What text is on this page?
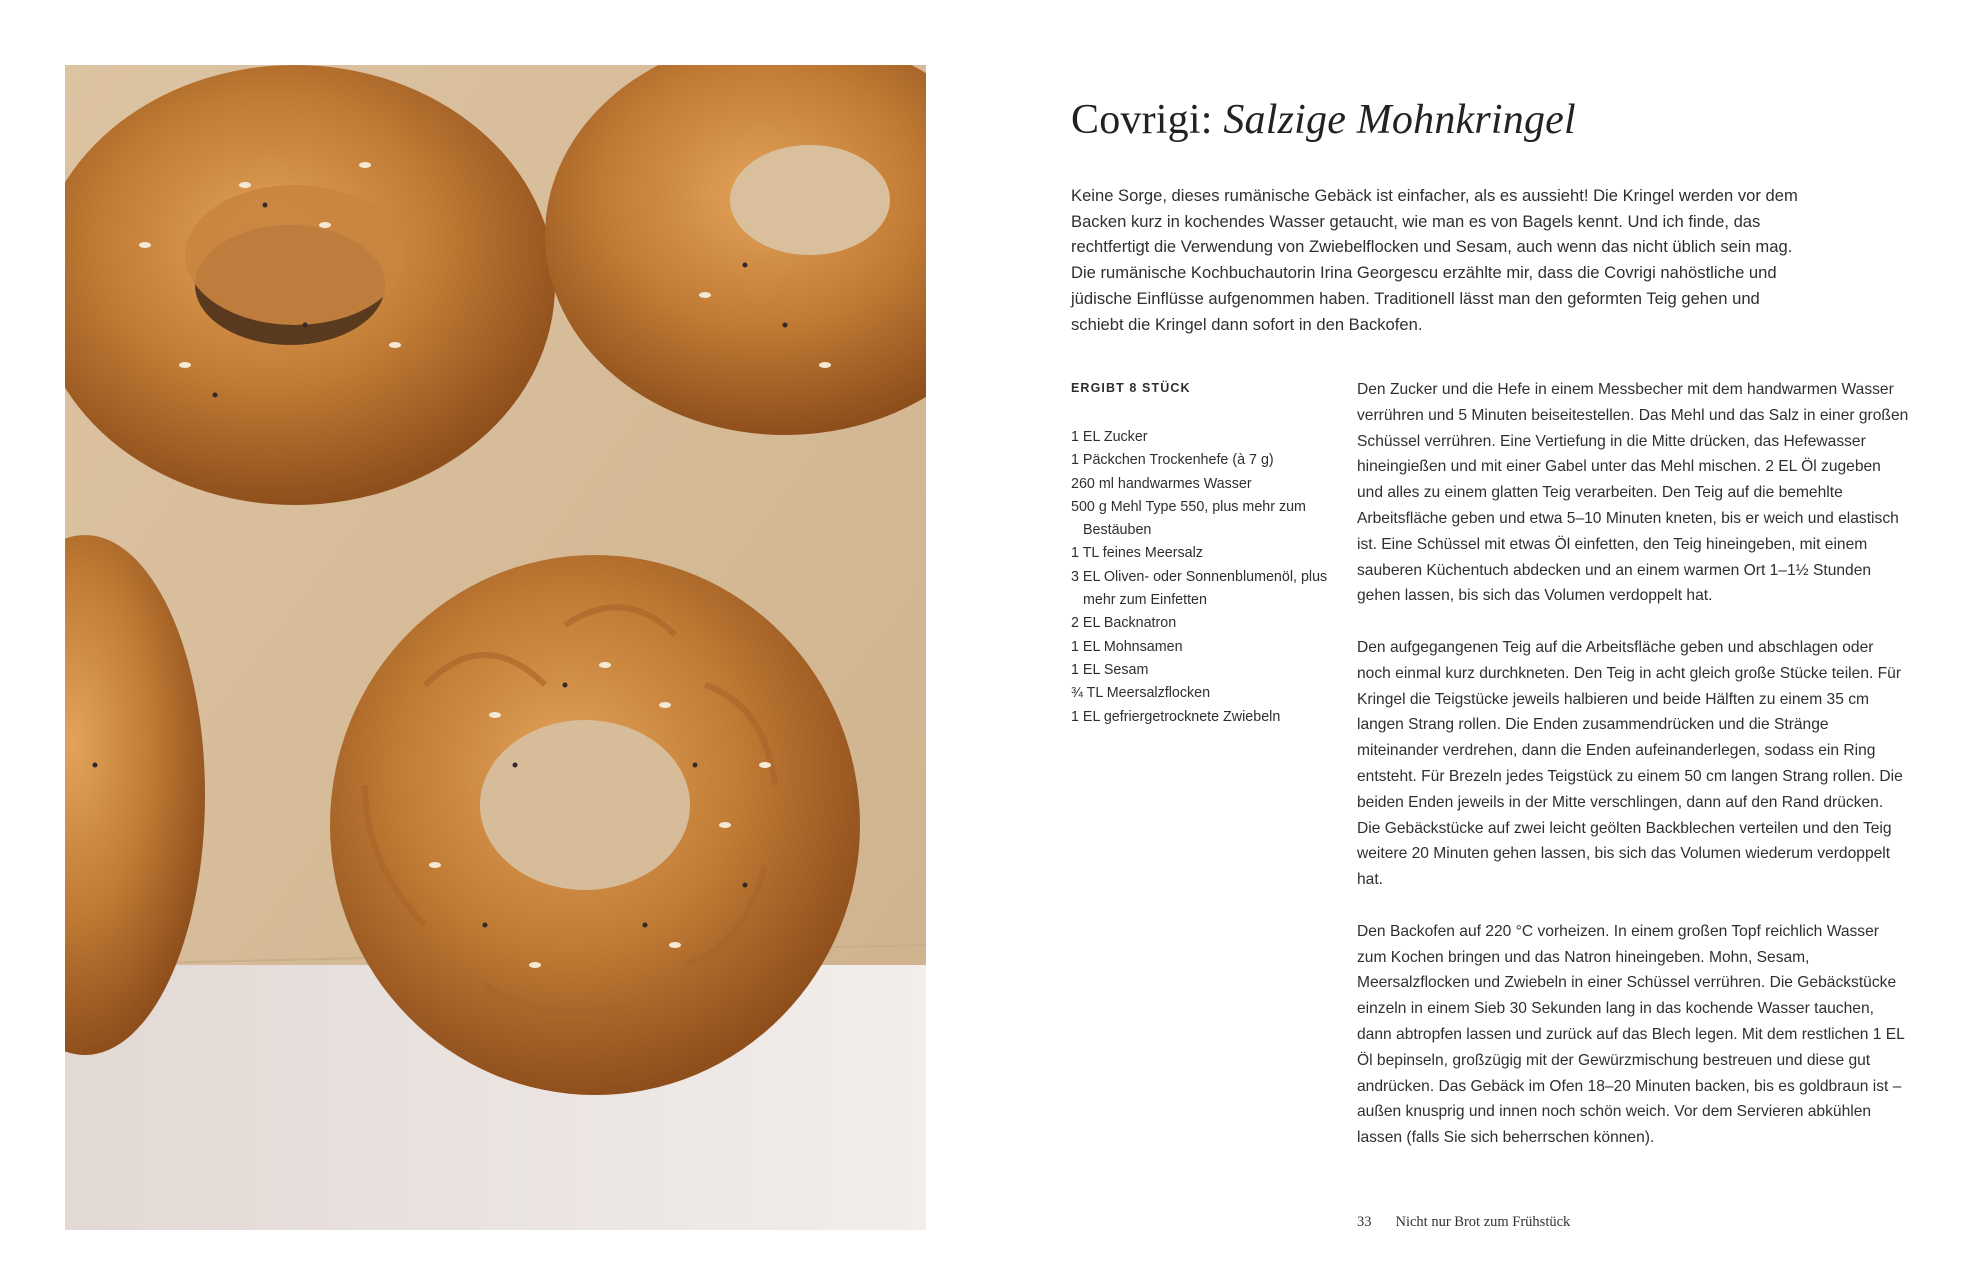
Covrigi: Salzige Mohnkringel

Keine Sorge, dieses rumänische Gebäck ist einfacher, als es aussieht! Die Kringel werden vor dem Backen kurz in kochendes Wasser getaucht, wie man es von Bagels kennt. Und ich finde, das rechtfertigt die Verwendung von Zwiebelflocken und Sesam, auch wenn das nicht üblich sein mag. Die rumänische Kochbuchautorin Irina Georgescu erzählte mir, dass die Covrigi nahöstliche und jüdische Einflüsse aufgenommen haben. Traditionell lässt man den geformten Teig gehen und schiebt die Kringel dann sofort in den Backofen.

ERGIBT 8 STÜCK

1 EL Zucker
1 Päckchen Trockenhefe (à 7 g)
260 ml handwarmes Wasser
500 g Mehl Type 550, plus mehr zum Bestäuben
1 TL feines Meersalz
3 EL Oliven- oder Sonnenblumenöl, plus mehr zum Einfetten
2 EL Backnatron
1 EL Mohnsamen
1 EL Sesam
¾ TL Meersalzflocken
1 EL gefriergetrocknete Zwiebeln

Den Zucker und die Hefe in einem Messbecher mit dem handwarmen Wasser verrühren und 5 Minuten beiseitestellen. Das Mehl und das Salz in einer großen Schüssel verrühren. Eine Vertiefung in die Mitte drücken, das Hefewasser hineingießen und mit einer Gabel unter das Mehl mischen. 2 EL Öl zugeben und alles zu einem glatten Teig verarbeiten. Den Teig auf die bemehlte Arbeitsfläche geben und etwa 5–10 Minuten kneten, bis er weich und elastisch ist. Eine Schüssel mit etwas Öl einfetten, den Teig hineingeben, mit einem sauberen Küchentuch abdecken und an einem warmen Ort 1–1½ Stunden gehen lassen, bis sich das Volumen verdoppelt hat.

Den aufgegangenen Teig auf die Arbeitsfläche geben und abschlagen oder noch einmal kurz durchkneten. Den Teig in acht gleich große Stücke teilen. Für Kringel die Teigstücke jeweils halbieren und beide Hälften zu einem 35 cm langen Strang rollen. Die Enden zusammendrücken und die Stränge miteinander verdrehen, dann die Enden aufeinanderlegen, sodass ein Ring entsteht. Für Brezeln jedes Teigstück zu einem 50 cm langen Strang rollen. Die beiden Enden jeweils in der Mitte verschlingen, dann auf den Rand drücken. Die Gebäckstücke auf zwei leicht geölten Backblechen verteilen und den Teig weitere 20 Minuten gehen lassen, bis sich das Volumen wiederum verdoppelt hat.

Den Backofen auf 220 °C vorheizen. In einem großen Topf reichlich Wasser zum Kochen bringen und das Natron hineingeben. Mohn, Sesam, Meersalzflocken und Zwiebeln in einer Schüssel verrühren. Die Gebäckstücke einzeln in einem Sieb 30 Sekunden lang in das kochende Wasser tauchen, dann abtropfen lassen und zurück auf das Blech legen. Mit dem restlichen 1 EL Öl bepinseln, großzügig mit der Gewürzmischung bestreuen und diese gut andrücken. Das Gebäck im Ofen 18–20 Minuten backen, bis es goldbraun ist – außen knusprig und innen noch schön weich. Vor dem Servieren abkühlen lassen (falls Sie sich beherrschen können).

33 Nicht nur Brot zum Frühstück
